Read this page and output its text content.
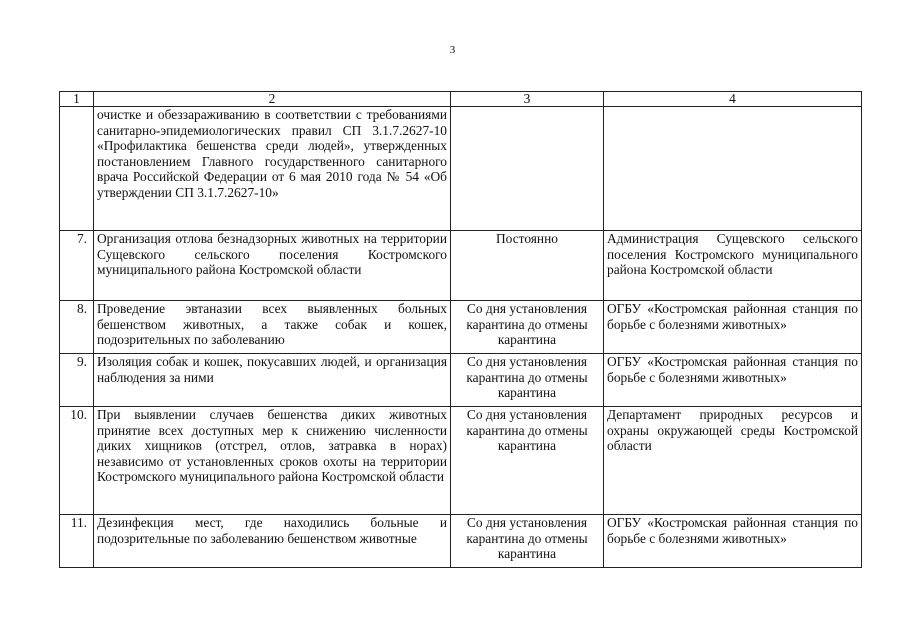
3
1	2	3	4
	очистке и обеззараживанию в соответствии с требованиями санитарно-эпидемиологических правил СП 3.1.7.2627-10 «Профилактика бешенства среди людей», утвержденных постановлением Главного государственного санитарного врача Российской Федерации от 6 мая 2010 года № 54 «Об утверждении СП 3.1.7.2627-10»		
7.	Организация отлова безнадзорных животных на территории Сущевского сельского поселения Костромского муниципального района Костромской области	Постоянно	Администрация Сущевского сельского поселения Костромского муниципального района Костромской области
8.	Проведение эвтаназии всех выявленных больных бешенством животных, а также собак и кошек, подозрительных по заболеванию	Со дня установления карантина до отмены карантина	ОГБУ «Костромская районная станция по борьбе с болезнями животных»
9.	Изоляция собак и кошек, покусавших людей, и организация наблюдения за ними	Со дня установления карантина до отмены карантина	ОГБУ «Костромская районная станция по борьбе с болезнями животных»
10.	При выявлении случаев бешенства диких животных принятие всех доступных мер к снижению численности диких хищников (отстрел, отлов, затравка в норах) независимо от установленных сроков охоты на территории Костромского муниципального района Костромской области	Со дня установления карантина до отмены карантина	Департамент природных ресурсов и охраны окружающей среды Костромской области
11.	Дезинфекция мест, где находились больные и подозрительные по заболеванию бешенством животные	Со дня установления карантина до отмены карантина	ОГБУ «Костромская районная станция по борьбе с болезнями животных»
